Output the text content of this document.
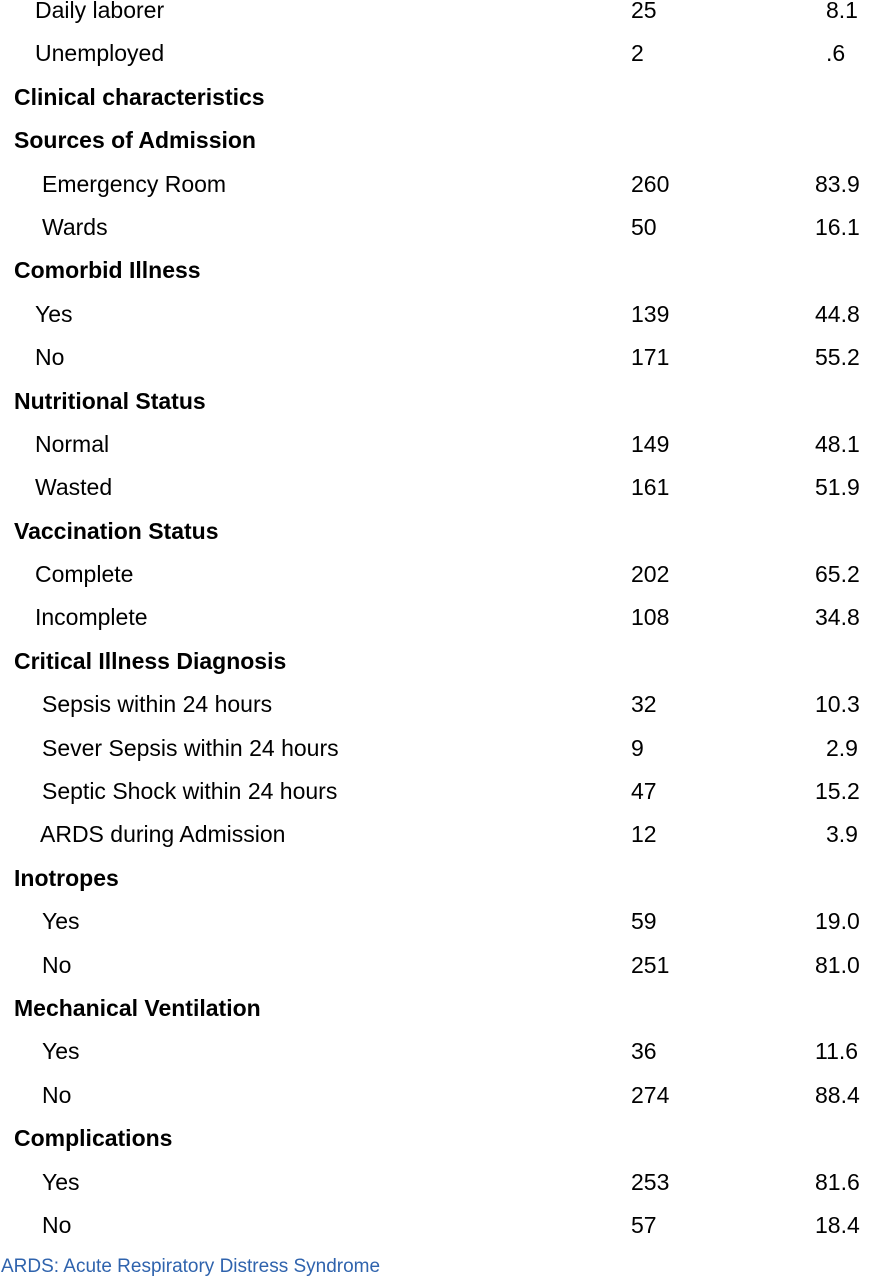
Daily laborer	25	8.1
Unemployed	2	.6
Clinical characteristics
Sources of Admission
Emergency Room	260	83.9
Wards	50	16.1
Comorbid Illness
Yes	139	44.8
No	171	55.2
Nutritional Status
Normal	149	48.1
Wasted	161	51.9
Vaccination Status
Complete	202	65.2
Incomplete	108	34.8
Critical Illness Diagnosis
Sepsis within 24 hours	32	10.3
Sever Sepsis within 24 hours	9	2.9
Septic Shock within 24 hours	47	15.2
ARDS during Admission	12	3.9
Inotropes
Yes	59	19.0
No	251	81.0
Mechanical Ventilation
Yes	36	11.6
No	274	88.4
Complications
Yes	253	81.6
No	57	18.4
ARDS: Acute Respiratory Distress Syndrome
